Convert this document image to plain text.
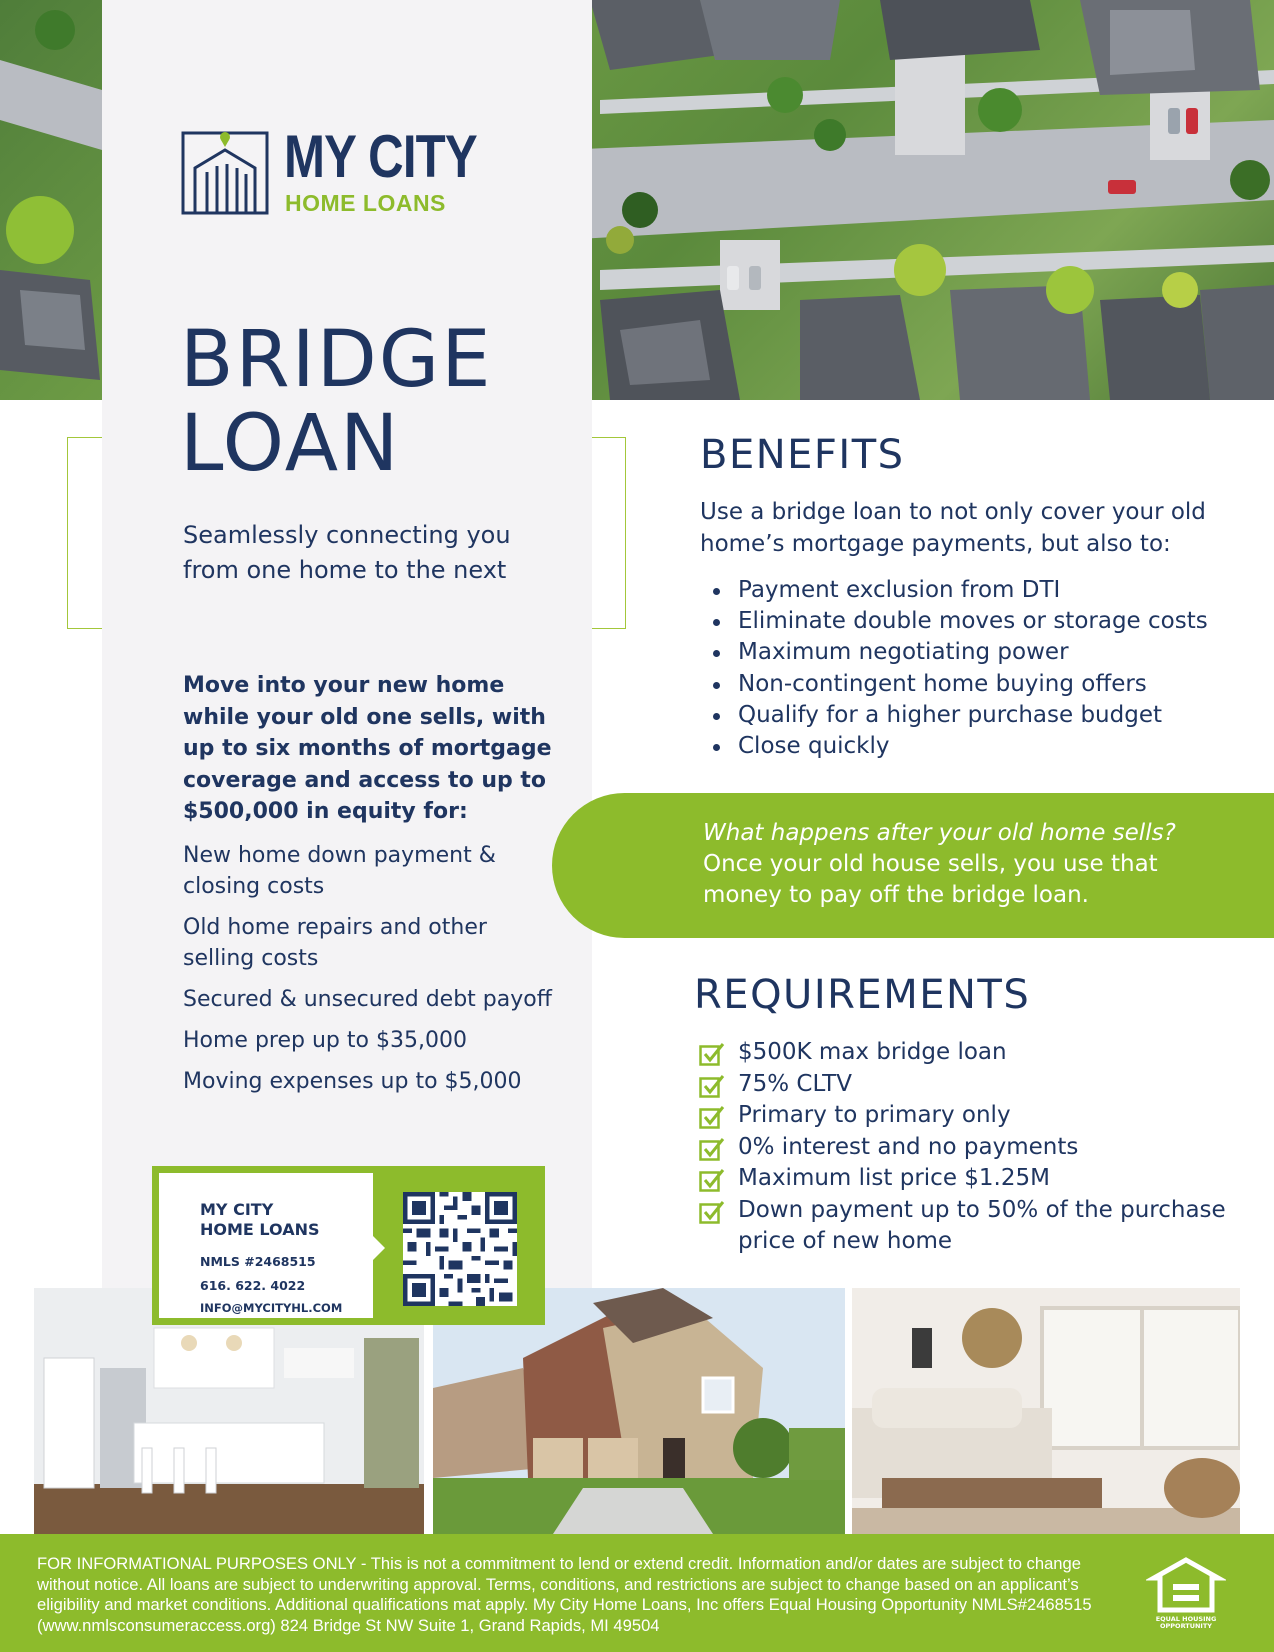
MY CITY
HOME LOANS
BRIDGE
LOAN
Seamlessly connecting you from one home to the next
Move into your new home while your old one sells, with up to six months of mortgage coverage and access to up to $500,000 in equity for:
New home down payment & closing costs
Old home repairs and other selling costs
Secured & unsecured debt payoff
Home prep up to $35,000
Moving expenses up to $5,000
MY CITY
HOME LOANS
NMLS #2468515
616. 622. 4022
INFO@MYCITYHL.COM
BENEFITS
Use a bridge loan to not only cover your old home’s mortgage payments, but also to:
Payment exclusion from DTI
Eliminate double moves or storage costs
Maximum negotiating power
Non-contingent home buying offers
Qualify for a higher purchase budget
Close quickly
What happens after your old home sells?
Once your old house sells, you use that money to pay off the bridge loan.
REQUIREMENTS
$500K max bridge loan
75% CLTV
Primary to primary only
0% interest and no payments
Maximum list price $1.25M
Down payment up to 50% of the purchase price of new home
FOR INFORMATIONAL PURPOSES ONLY - This is not a commitment to lend or extend credit. Information and/or dates are subject to change without notice. All loans are subject to underwriting approval. Terms, conditions, and restrictions are subject to change based on an applicant’s eligibility and market conditions. Additional qualifications mat apply. My City Home Loans, Inc offers Equal Housing Opportunity NMLS#2468515 (www.nmlsconsumeraccess.org) 824 Bridge St NW Suite 1, Grand Rapids, MI 49504	EQUAL HOUSING OPPORTUNITY
